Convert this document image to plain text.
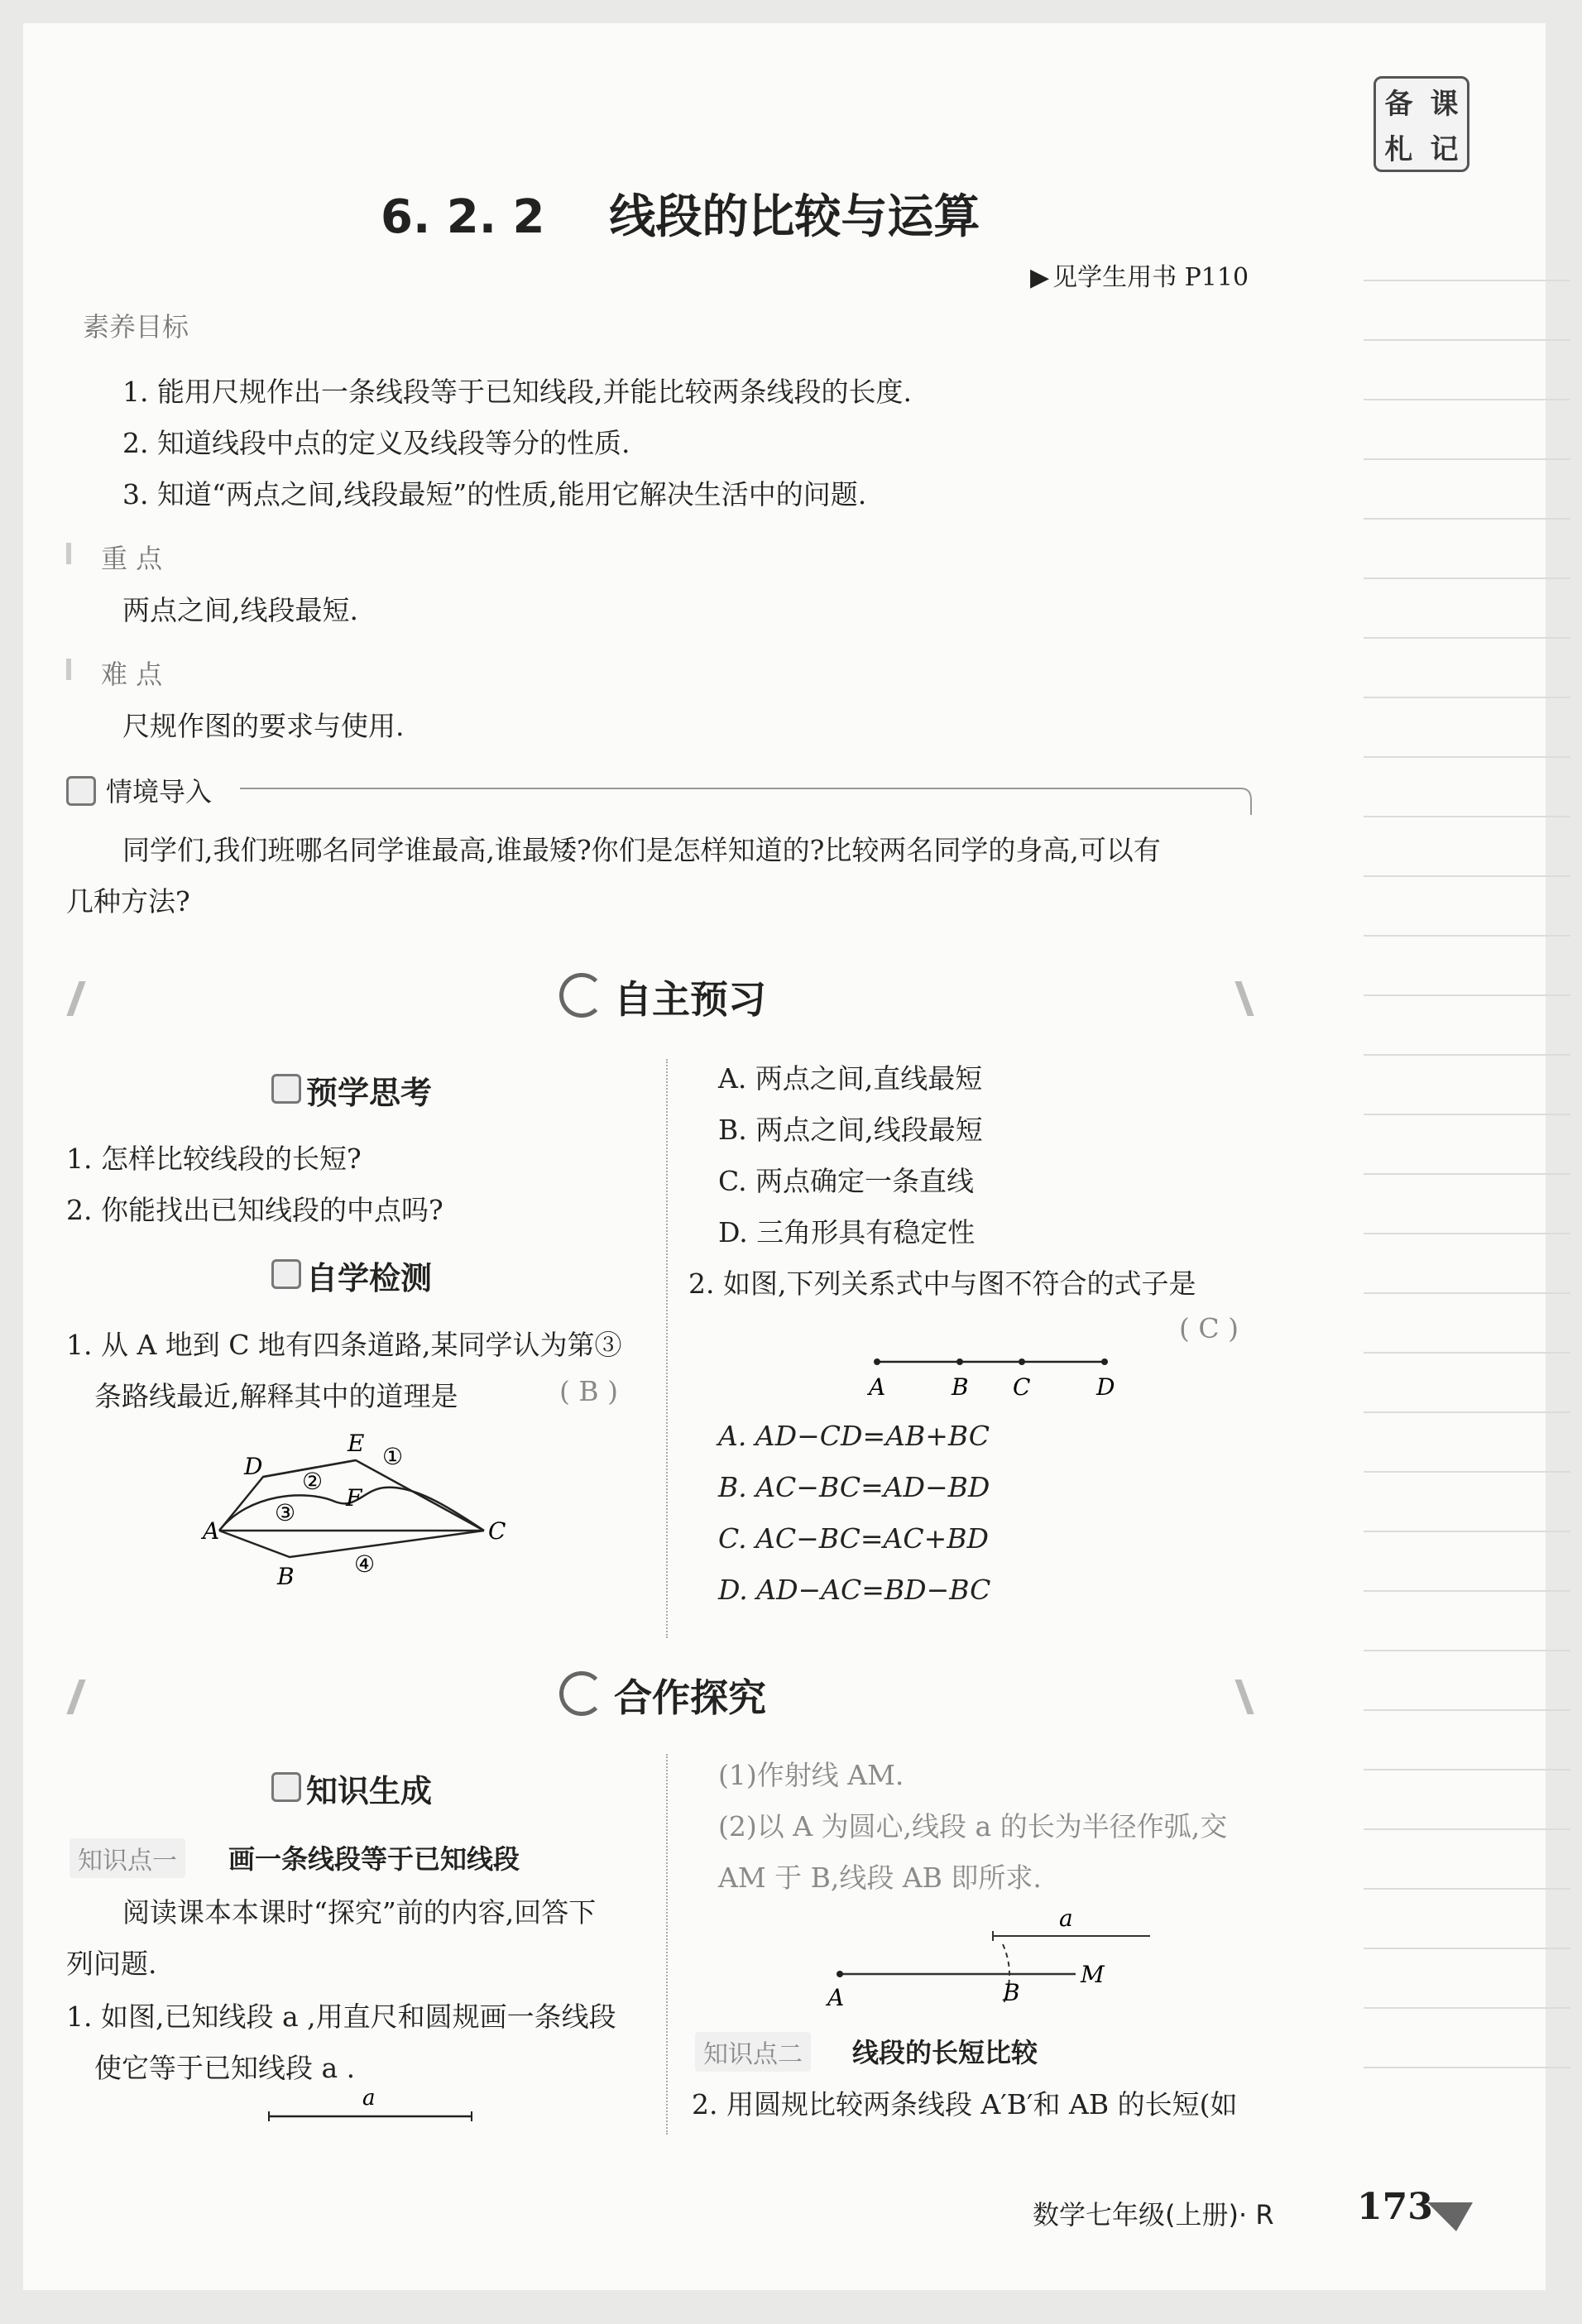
备 课
札 记
6. 2. 2    线段的比较与运算
▶ 见学生用书 P110
素养目标
1. 能用尺规作出一条线段等于已知线段,并能比较两条线段的长度.
2. 知道线段中点的定义及线段等分的性质.
3. 知道“两点之间,线段最短”的性质,能用它解决生活中的问题.
重 点
两点之间,线段最短.
难 点
尺规作图的要求与使用.
情境导入
同学们,我们班哪名同学谁最高,谁最矮?你们是怎样知道的?比较两名同学的身高,可以有
几种方法?
自主预习
预学思考
1. 怎样比较线段的长短?
2. 你能找出已知线段的中点吗?
自学检测
1. 从 A 地到 C 地有四条道路,某同学认为第③
条路线最近,解释其中的道理是	( B )
D
E
A
F
B
C
①
②
③
④
A. 两点之间,直线最短
B. 两点之间,线段最短
C. 两点确定一条直线
D. 三角形具有稳定性
2. 如图,下列关系式中与图不符合的式子是
( C )
A	B C	D
A. AD−CD=AB+BC
B. AC−BC=AD−BD
C. AC−BC=AC+BD
D. AD−AC=BD−BC
合作探究
知识生成
知识点一	画一条线段等于已知线段
阅读课本本课时“探究”前的内容,回答下
列问题.
1. 如图,已知线段 a ,用直尺和圆规画一条线段
使它等于已知线段 a .
a
(1)作射线 AM.
(2)以 A 为圆心,线段 a 的长为半径作弧,交
AM 于 B,线段 AB 即所求.
a
A	B
M
知识点二	线段的长短比较
2. 用圆规比较两条线段 A′B′和 AB 的长短(如
数学七年级(上册)· R 173
